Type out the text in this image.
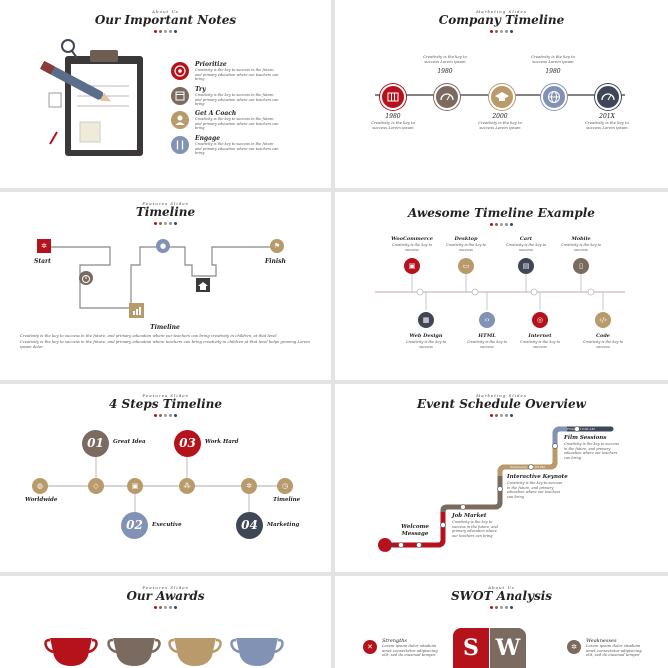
About Us
Our Important Notes
Prioritize
Creativity is the key to success in the future, and primary education where our teachers can bring
Try
Creativity is the key to success in the future, and primary education where our teachers can bring
Get A Coach
Creativity is the key to success in the future, and primary education where our teachers can bring
Engage
Creativity is the key to success in the future, and primary education where our teachers can bring
Marketing Slides
Company Timeline
Creativity is the key to success Lorem ipsum
1980
Creativity is the key to success Lorem ipsum
1980
1980
Creativity is the key to success Lorem ipsum
2000
Creativity is the key to success Lorem ipsum
201X
Creativity is the key to success Lorem ipsum
Features Slides
Timeline
✲
Start
●	⚑
Finish
Timeline
Creativity is the key to success in the future, and primary education where our teachers can bring creativity in children, at that level
Creativity is the key to success in the future, and primary education where teachers can bring creativity in children at that level helps growing Lorem ipsum dolor
Awesome Timeline Example
▣	▭	▤	▯
▦	‹›	◎	‹/›
WooCommerce
Creativity is the key to success
Desktop
Creativity is the key to success
Cart
Creativity is the key to success
Mobile
Creativity is the key to success
Web Design
Creativity is the key to success
HTML
Creativity is the key to success
Internet
Creativity is the key to success
Code
Creativity is the key to success
Features Slides
4 Steps Timeline
01	Great Idea	03	Work Hard
02	Executive	04	Marketing
◍	◇	▣	⁂	✲	◷
Worldwide	Timeline
Marketing Slides
Event Schedule Overview
Tuesday - 11:00 AM
Wednesday - 13:00 PM
Friday - 10:00 AM
Welcome Message
Job Market
Creativity is the key to success in the future, and primary education where our teachers can bring
Interactive Keynote
Creativity is the key to success in the future, and primary education where our teachers can bring
Film Sessions
Creativity is the key to success in the future, and primary education where our teachers can bring
Features Slides
Our Awards
About Us
SWOT Analysis
✕
Strengths
Lorem ipsum dolor sitaduim amet,consectetur adipisicing elit, sed do eiusmod tempor	S W	✲
Weaknesses
Lorem ipsum dolor sitaduim amet,consectetur adipisicing elit, sed do eiusmod tempor
